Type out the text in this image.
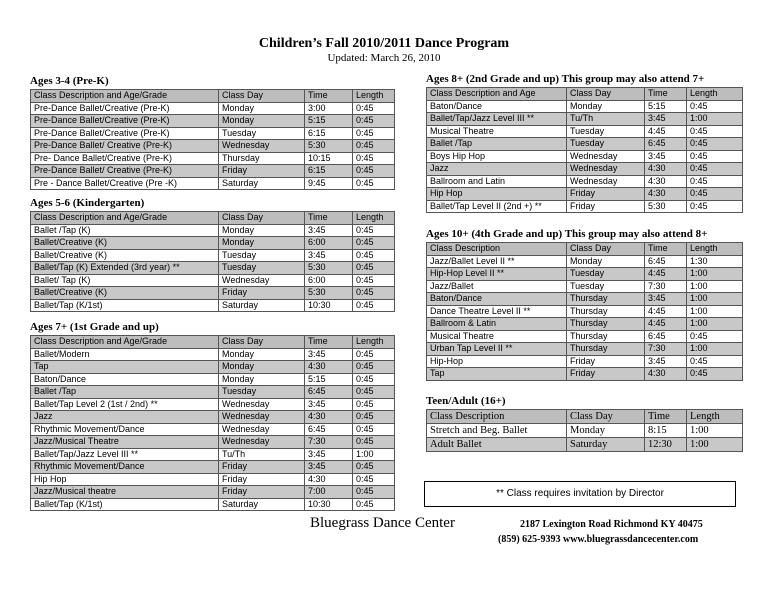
Children’s Fall 2010/2011 Dance Program
Updated: March 26, 2010
Ages 3-4 (Pre-K)
Class Description and Age/Grade	Class Day	Time	Length
Pre-Dance Ballet/Creative (Pre-K)	Monday	3:00	0:45
Pre-Dance Ballet/Creative (Pre-K)	Monday	5:15	0:45
Pre-Dance Ballet/Creative (Pre-K)	Tuesday	6:15	0:45
Pre-Dance Ballet/ Creative (Pre-K)	Wednesday	5:30	0:45
Pre- Dance Ballet/Creative (Pre-K)	Thursday	10:15	0:45
Pre-Dance Ballet/ Creative (Pre-K)	Friday	6:15	0:45
Pre - Dance Ballet/Creative (Pre -K)	Saturday	9:45	0:45
Ages 5-6 (Kindergarten)
Class Description and Age/Grade	Class Day	Time	Length
Ballet /Tap (K)	Monday	3:45	0:45
Ballet/Creative (K)	Monday	6:00	0:45
Ballet/Creative (K)	Tuesday	3:45	0:45
Ballet/Tap (K) Extended (3rd year) **	Tuesday	5:30	0:45
Ballet/ Tap (K)	Wednesday	6:00	0:45
Ballet/Creative (K)	Friday	5:30	0:45
Ballet/Tap (K/1st)	Saturday	10:30	0:45
Ages 7+ (1st Grade and up)
Class Description and Age/Grade	Class Day	Time	Length
Ballet/Modern	Monday	3:45	0:45
Tap	Monday	4:30	0:45
Baton/Dance	Monday	5:15	0:45
Ballet /Tap	Tuesday	6:45	0:45
Ballet/Tap Level 2 (1st / 2nd) **	Wednesday	3:45	0:45
Jazz	Wednesday	4:30	0:45
Rhythmic Movement/Dance	Wednesday	6:45	0:45
Jazz/Musical Theatre	Wednesday	7:30	0:45
Ballet/Tap/Jazz Level III **	Tu/Th	3:45	1:00
Rhythmic Movement/Dance	Friday	3:45	0:45
Hip Hop	Friday	4:30	0:45
Jazz/Musical theatre	Friday	7:00	0:45
Ballet/Tap (K/1st)	Saturday	10:30	0:45
Ages 8+ (2nd Grade and up) This group may also attend 7+
Class Description and Age	Class Day	Time	Length
Baton/Dance	Monday	5:15	0:45
Ballet/Tap/Jazz Level III **	Tu/Th	3:45	1:00
Musical Theatre	Tuesday	4:45	0:45
Ballet /Tap	Tuesday	6:45	0:45
Boys Hip Hop	Wednesday	3:45	0:45
Jazz	Wednesday	4:30	0:45
Ballroom and Latin	Wednesday	4:30	0:45
Hip Hop	Friday	4:30	0:45
Ballet/Tap Level II (2nd +) **	Friday	5:30	0:45
Ages 10+ (4th Grade and up) This group may also attend 8+
Class Description	Class Day	Time	Length
Jazz/Ballet Level II **	Monday	6:45	1:30
Hip-Hop Level II **	Tuesday	4:45	1:00
Jazz/Ballet	Tuesday	7:30	1:00
Baton/Dance	Thursday	3:45	1:00
Dance Theatre Level II **	Thursday	4:45	1:00
Ballroom & Latin	Thursday	4:45	1:00
Musical Theatre	Thursday	6:45	0:45
Urban Tap Level II **	Thursday	7:30	1:00
Hip-Hop	Friday	3:45	0:45
Tap	Friday	4:30	0:45
Teen/Adult (16+)
Class Description	Class Day	Time	Length
Stretch and Beg. Ballet	Monday	8:15	1:00
Adult Ballet	Saturday	12:30	1:00
** Class requires invitation by Director
Bluegrass Dance Center	2187 Lexington Road Richmond KY 40475
(859) 625-9393 www.bluegrassdancecenter.com
